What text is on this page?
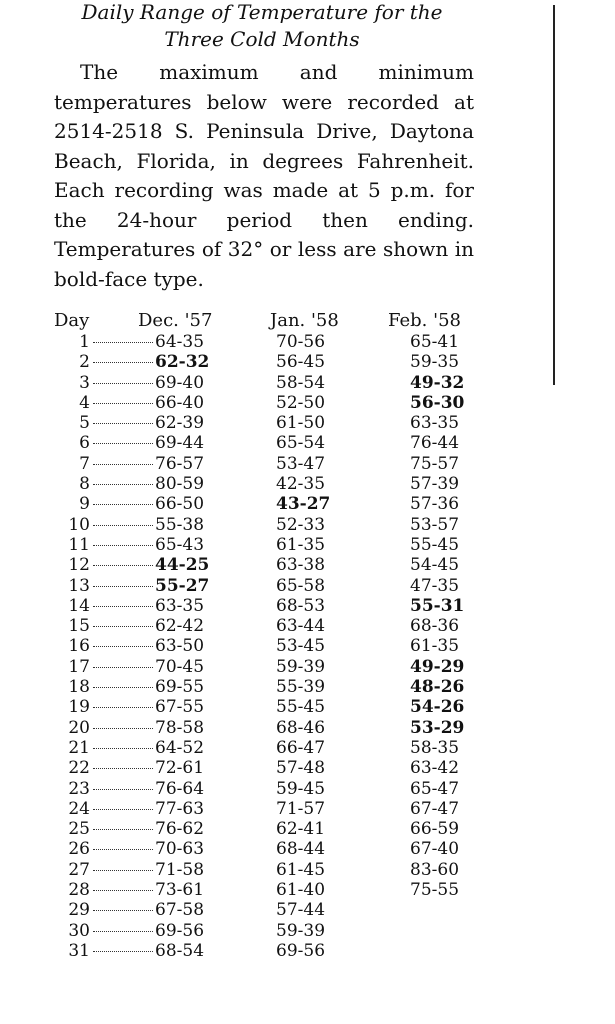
Daily Range of Temperature for the
Three Cold Months

The maximum and minimum temperatures below were recorded at 2514-2518 S. Peninsula Drive, Daytona Beach, Florida, in degrees Fahrenheit. Each recording was made at 5 p.m. for the 24-hour period then ending. Temperatures of 32° or less are shown in bold-face type.

Day	Dec. '57	Jan. '58	Feb. '58
1	64-35	70-56	65-41
2	62-32	56-45	59-35
3	69-40	58-54	49-32
4	66-40	52-50	56-30
5	62-39	61-50	63-35
6	69-44	65-54	76-44
7	76-57	53-47	75-57
8	80-59	42-35	57-39
9	66-50	43-27	57-36
10	55-38	52-33	53-57
11	65-43	61-35	55-45
12	44-25	63-38	54-45
13	55-27	65-58	47-35
14	63-35	68-53	55-31
15	62-42	63-44	68-36
16	63-50	53-45	61-35
17	70-45	59-39	49-29
18	69-55	55-39	48-26
19	67-55	55-45	54-26
20	78-58	68-46	53-29
21	64-52	66-47	58-35
22	72-61	57-48	63-42
23	76-64	59-45	65-47
24	77-63	71-57	67-47
25	76-62	62-41	66-59
26	70-63	68-44	67-40
27	71-58	61-45	83-60
28	73-61	61-40	75-55
29	67-58	57-44
30	69-56	59-39
31	68-54	69-56
